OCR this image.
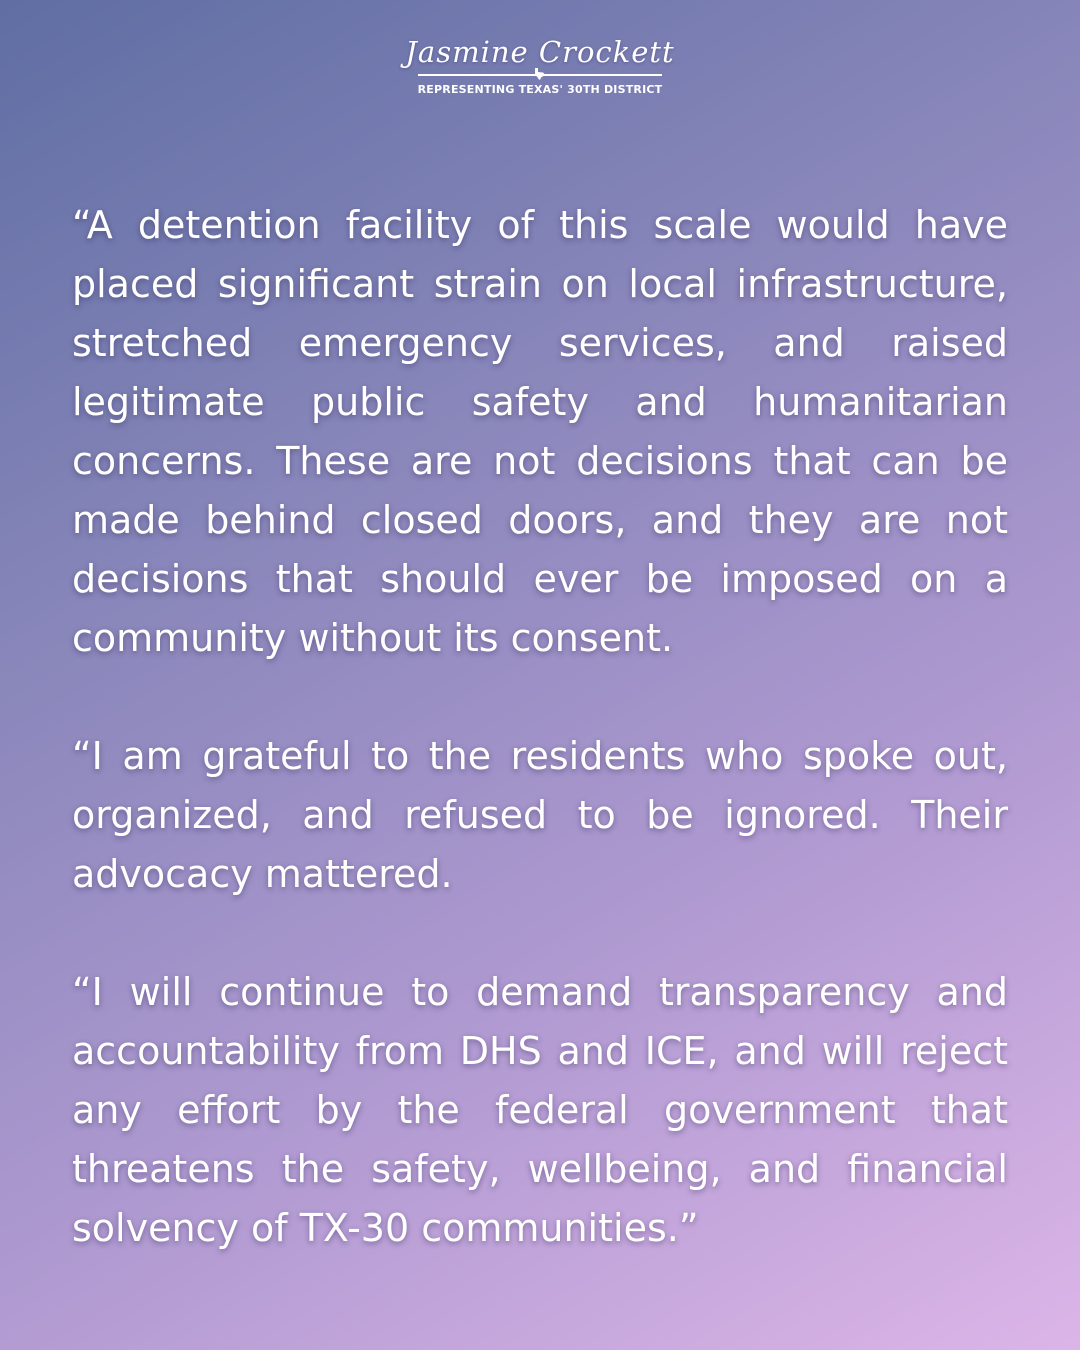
Jasmine Crockett
REPRESENTING TEXAS' 30TH DISTRICT

“A detention facility of this scale would have placed significant strain on local infrastructure, stretched emergency services, and raised legitimate public safety and humanitarian concerns. These are not decisions that can be made behind closed doors, and they are not decisions that should ever be imposed on a community without its consent.

“I am grateful to the residents who spoke out, organized, and refused to be ignored. Their advocacy mattered.

“I will continue to demand transparency and accountability from DHS and ICE, and will reject any effort by the federal government that threatens the safety, wellbeing, and financial solvency of TX-30 communities.”
